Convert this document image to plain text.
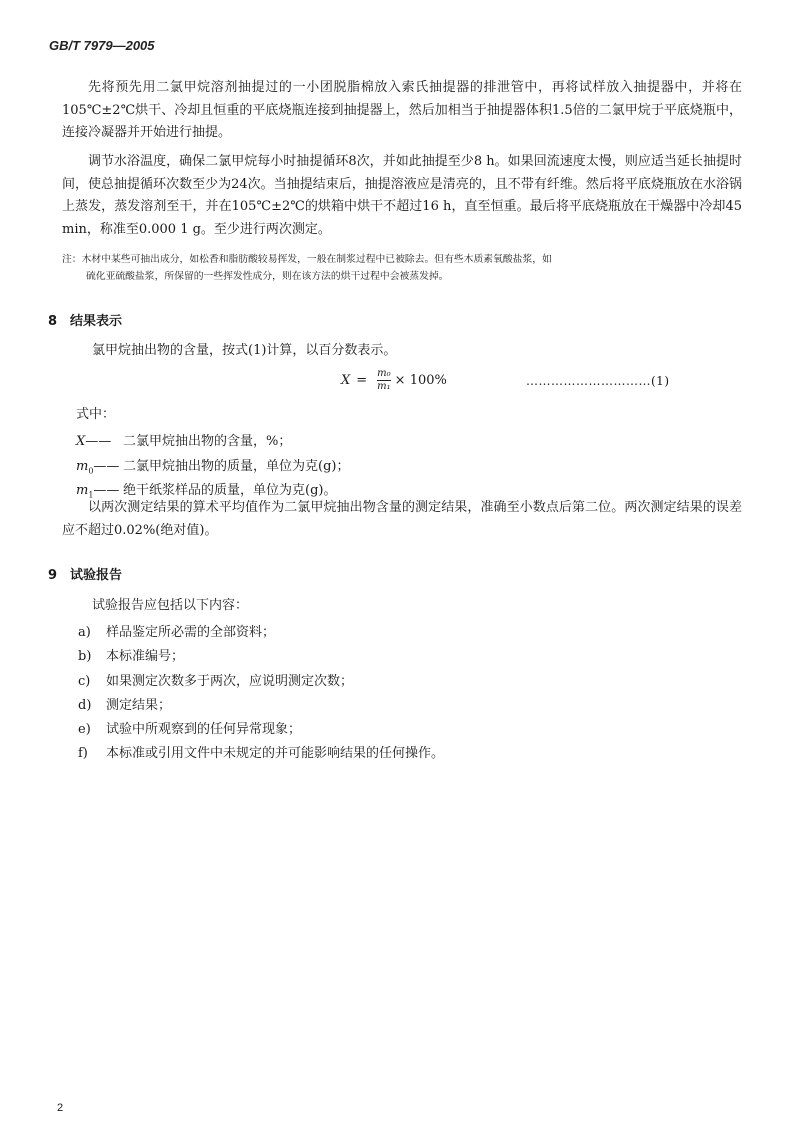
GB/T 7979—2005

先将预先用二氯甲烷溶剂抽提过的一小团脱脂棉放入索氏抽提器的排泄管中，再将试样放入抽提器中，并将在105℃±2℃烘干、冷却且恒重的平底烧瓶连接到抽提器上，然后加相当于抽提器体积1.5倍的二氯甲烷于平底烧瓶中，连接冷凝器并开始进行抽提。

调节水浴温度，确保二氯甲烷每小时抽提循环8次，并如此抽提至少8 h。如果回流速度太慢，则应适当延长抽提时间，使总抽提循环次数至少为24次。当抽提结束后，抽提溶液应是清亮的，且不带有纤维。然后将平底烧瓶放在水浴锅上蒸发，蒸发溶剂至干，并在105℃±2℃的烘箱中烘干不超过16 h，直至恒重。最后将平底烧瓶放在干燥器中冷却45 min，称准至0.000 1 g。至少进行两次测定。

注：木材中某些可抽出成分，如松香和脂肪酸较易挥发，一般在制浆过程中已被除去。但有些木质素氧酸盐浆，如
硫化亚硫酸盐浆，所保留的一些挥发性成分，则在该方法的烘干过程中会被蒸发掉。
8 结果表示
氯甲烷抽出物的含量，按式(1)计算，以百分数表示。
$X = \frac{\text{m₀}}{\text{m₁}} \times 100\%$	…………………………(1)
式中：
X—— 二氯甲烷抽出物的含量，%；
$m_0——$ 二氯甲烷抽出物的质量，单位为克(g)；
$m_1——$ 绝干纸浆样品的质量，单位为克(g)。

以两次测定结果的算术平均值作为二氯甲烷抽出物含量的测定结果，准确至小数点后第二位。两次测定结果的误差应不超过0.02%(绝对值)。

9 试验报告
试验报告应包括以下内容：
a) 样品鉴定所必需的全部资料；
b) 本标准编号；
c) 如果测定次数多于两次，应说明测定次数；
d) 测定结果；
e) 试验中所观察到的任何异常现象；
f) 本标准或引用文件中未规定的并可能影响结果的任何操作。
2
